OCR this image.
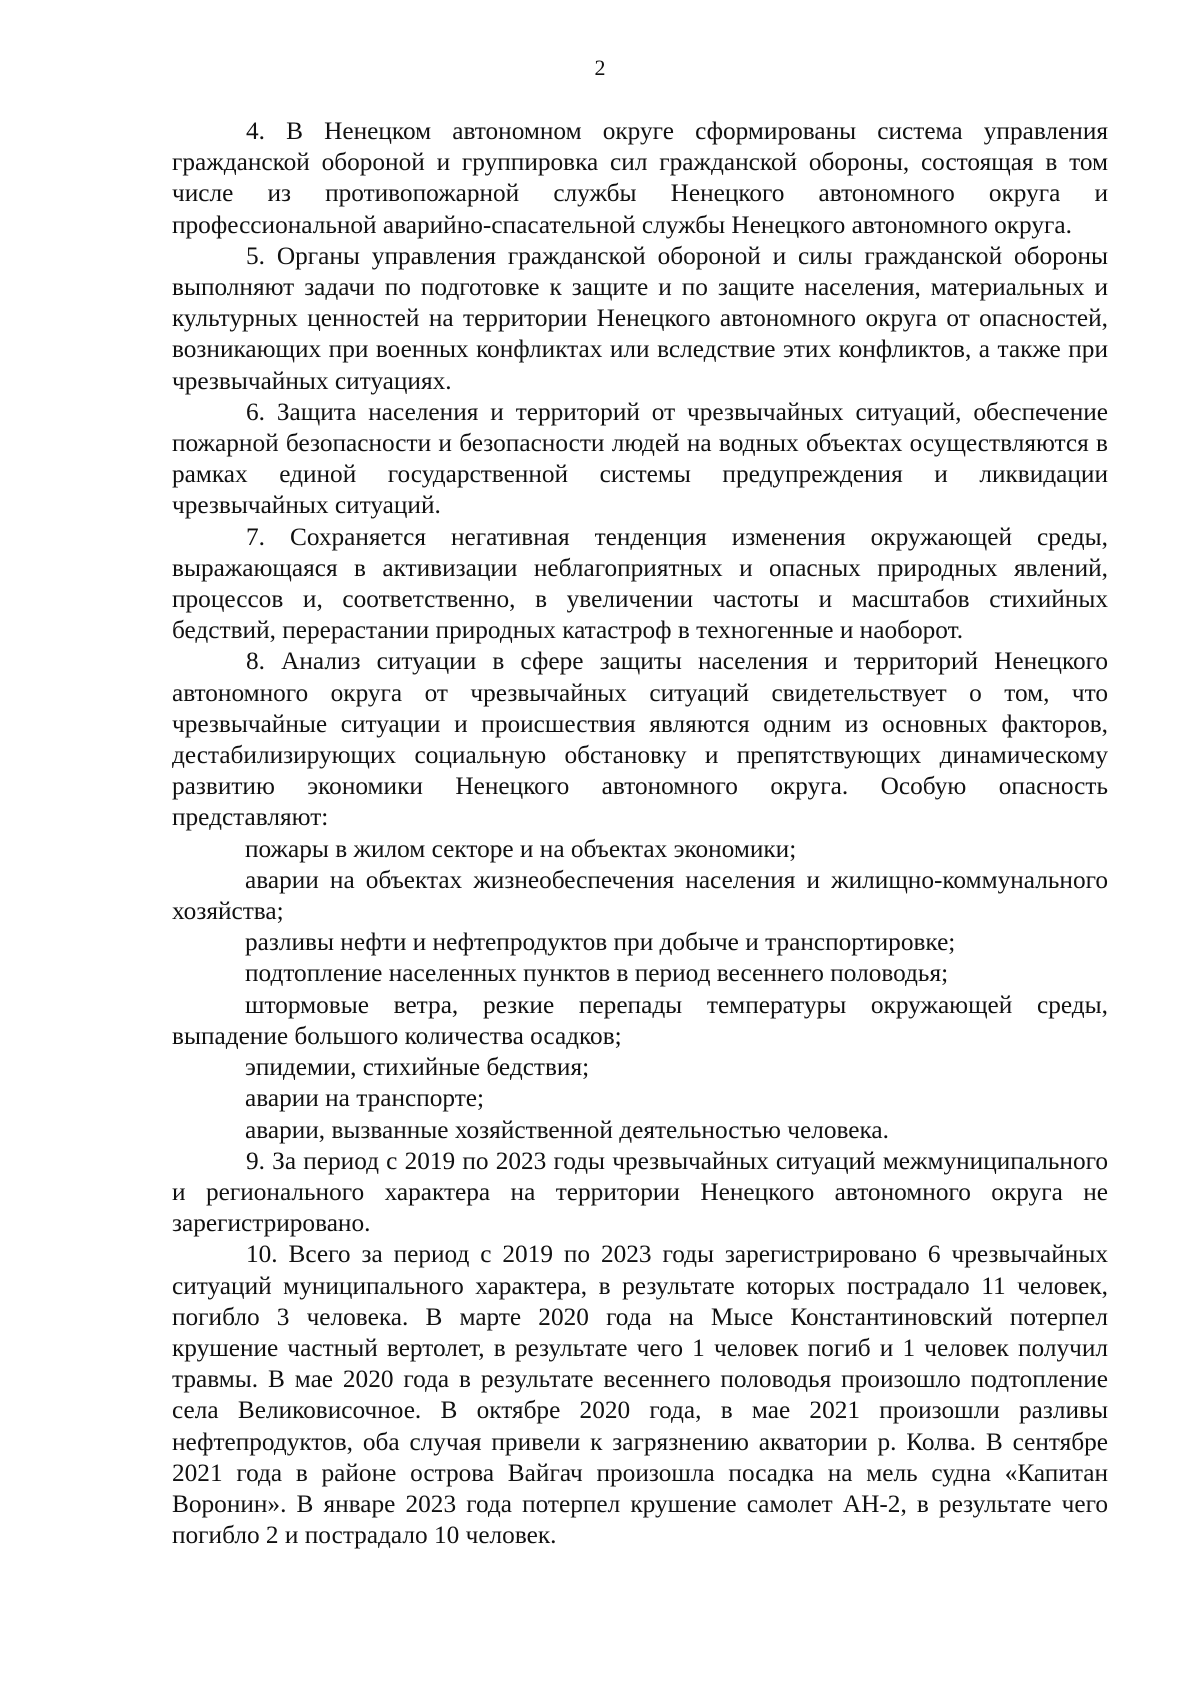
2

4. В Ненецком автономном округе сформированы система управления гражданской обороной и группировка сил гражданской обороны, состоящая в том числе из противопожарной службы Ненецкого автономного округа и профессиональной аварийно-спасательной службы Ненецкого автономного округа.

5. Органы управления гражданской обороной и силы гражданской обороны выполняют задачи по подготовке к защите и по защите населения, материальных и культурных ценностей на территории Ненецкого автономного округа от опасностей, возникающих при военных конфликтах или вследствие этих конфликтов, а также при чрезвычайных ситуациях.

6. Защита населения и территорий от чрезвычайных ситуаций, обеспечение пожарной безопасности и безопасности людей на водных объектах осуществляются в рамках единой государственной системы предупреждения и ликвидации чрезвычайных ситуаций.

7. Сохраняется негативная тенденция изменения окружающей среды, выражающаяся в активизации неблагоприятных и опасных природных явлений, процессов и, соответственно, в увеличении частоты и масштабов стихийных бедствий, перерастании природных катастроф в техногенные и наоборот.

8. Анализ ситуации в сфере защиты населения и территорий Ненецкого автономного округа от чрезвычайных ситуаций свидетельствует о том, что чрезвычайные ситуации и происшествия являются одним из основных факторов, дестабилизирующих социальную обстановку и препятствующих динамическому развитию экономики Ненецкого автономного округа. Особую опасность представляют:

пожары в жилом секторе и на объектах экономики;

аварии на объектах жизнеобеспечения населения и жилищно-коммунального хозяйства;

разливы нефти и нефтепродуктов при добыче и транспортировке;

подтопление населенных пунктов в период весеннего половодья;

штормовые ветра, резкие перепады температуры окружающей среды, выпадение большого количества осадков;

эпидемии, стихийные бедствия;

аварии на транспорте;

аварии, вызванные хозяйственной деятельностью человека.

9. За период с 2019 по 2023 годы чрезвычайных ситуаций межмуниципального и регионального характера на территории Ненецкого автономного округа не зарегистрировано.

10. Всего за период с 2019 по 2023 годы зарегистрировано 6 чрезвычайных ситуаций муниципального характера, в результате которых пострадало 11 человек, погибло 3 человека. В марте 2020 года на Мысе Константиновский потерпел крушение частный вертолет, в результате чего 1 человек погиб и 1 человек получил травмы. В мае 2020 года в результате весеннего половодья произошло подтопление села Великовисочное. В октябре 2020 года, в мае 2021 произошли разливы нефтепродуктов, оба случая привели к загрязнению акватории р. Колва. В сентябре 2021 года в районе острова Вайгач произошла посадка на мель судна «Капитан Воронин». В январе 2023 года потерпел крушение самолет АН-2, в результате чего погибло 2 и пострадало 10 человек.
